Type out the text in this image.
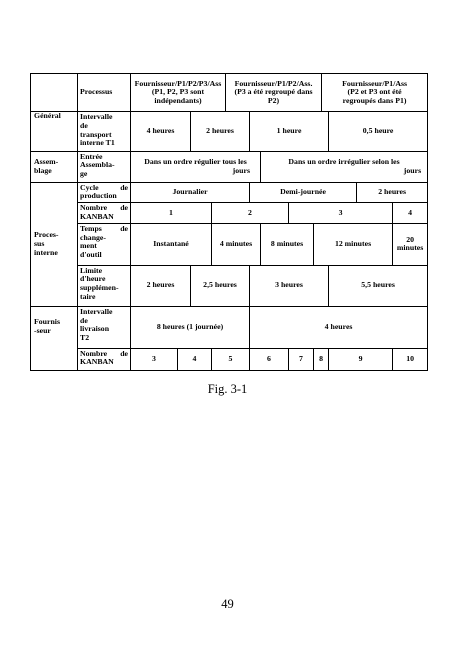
	Processus	Fournisseur/P1/P2/P3/Ass
(P1, P2, P3 sont
indépendants)				Fournisseur/P1/P2/Ass.
(P3 a été regroupé dans
P2)					Fournisseur/P1/Ass
(P2 et P3 ont été
regroupés dans P1)			

Général	Intervalle
de
transport
interne T1	4 heures		2 heures			1 heure					0,5 heure		

Assem-
blage	Entrée
Assembla-
ge	Dans un ordre régulier tous les
jours						Dans un ordre irrégulier selon les
jours						

Proces-
sus
interne	Cycle de
production	Journalier					Demi-journée						2 heures	

	Nombre de
KANBAN	1			2				3					4

	Temps de
change-
ment
d'outil	Instantané			4 minutes			8 minutes		12 minutes				20
minutes

	Limite
d'heure
supplémen-
taire	2 heures		2,5 heures			3 heures					5,5 heures		

Fournis
-seur	Intervalle
de
livraison
T2	8 heures (1 journée)					4 heures							

	Nombre de
KANBAN	3	4		5		6		7	8		9		10
Fig. 3-1
49
